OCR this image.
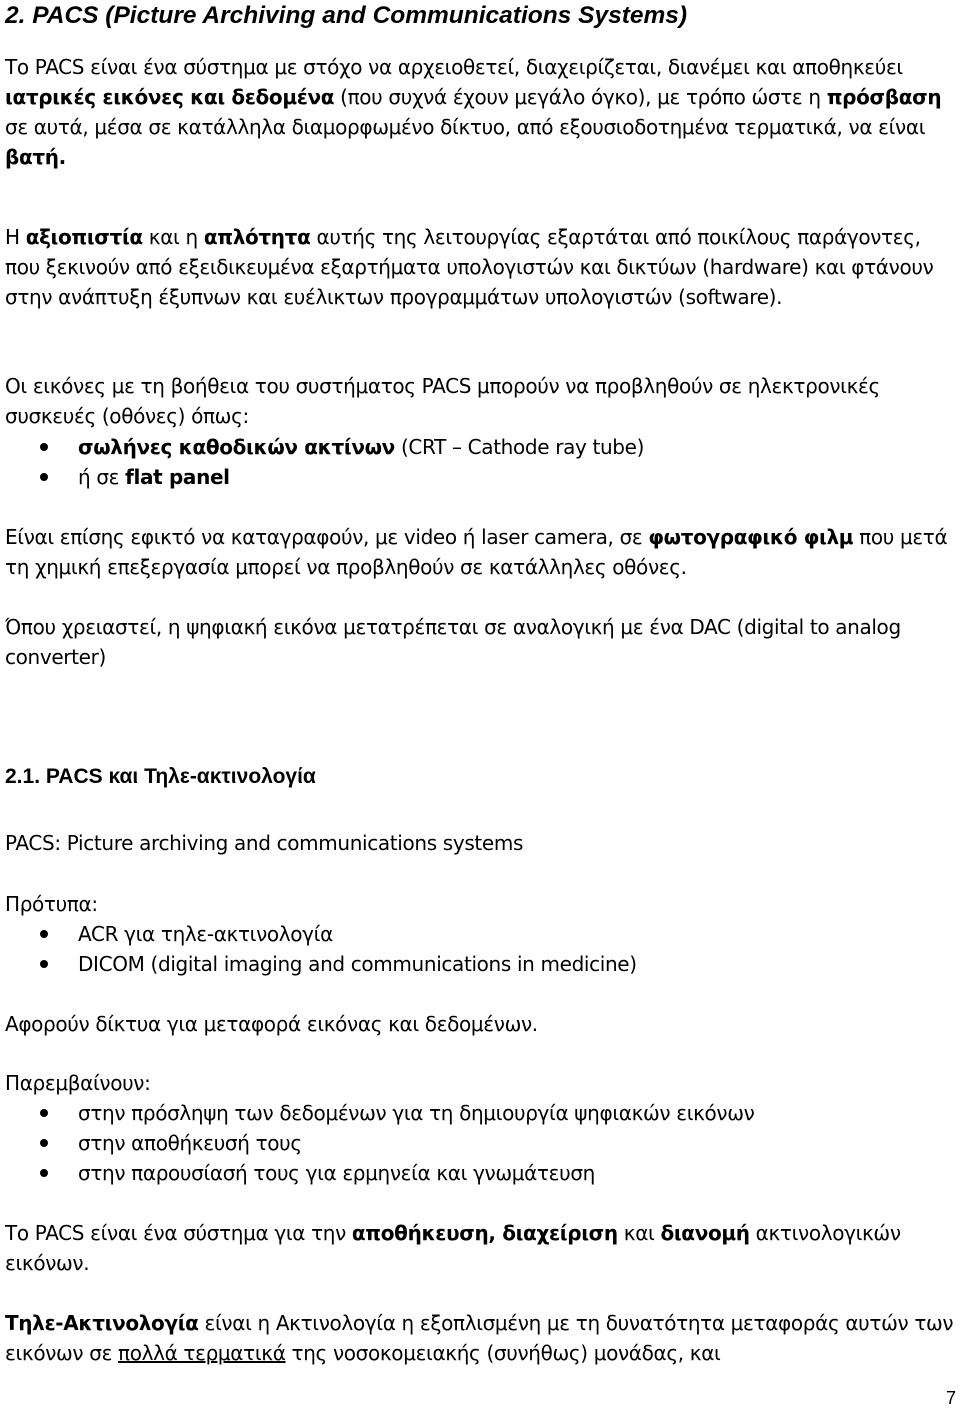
2. PACS (Picture Archiving and Communications Systems)

Το PACS είναι ένα σύστημα με στόχο να αρχειοθετεί, διαχειρίζεται, διανέμει και αποθηκεύει ιατρικές εικόνες και δεδομένα (που συχνά έχουν μεγάλο όγκο), με τρόπο ώστε η πρόσβαση σε αυτά, μέσα σε κατάλληλα διαμορφωμένο δίκτυο, από εξουσιοδοτημένα τερματικά, να είναι βατή.

Η αξιοπιστία και η απλότητα αυτής της λειτουργίας εξαρτάται από ποικίλους παράγοντες, που ξεκινούν από εξειδικευμένα εξαρτήματα υπολογιστών και δικτύων (hardware) και φτάνουν στην ανάπτυξη έξυπνων και ευέλικτων προγραμμάτων υπολογιστών (software).

Οι εικόνες με τη βοήθεια του συστήματος PACS μπορούν να προβληθούν σε ηλεκτρονικές συσκευές (οθόνες) όπως:

σωλήνες καθοδικών ακτίνων (CRT – Cathode ray tube)
ή σε flat panel

Είναι επίσης εφικτό να καταγραφούν, με video ή laser camera, σε φωτογραφικό φιλμ που μετά τη χημική επεξεργασία μπορεί να προβληθούν σε κατάλληλες οθόνες.

Όπου χρειαστεί, η ψηφιακή εικόνα μετατρέπεται σε αναλογική με ένα DAC (digital to analog converter)

2.1. PACS και Τηλε-ακτινολογία

PACS: Picture archiving and communications systems

Πρότυπα:

ACR για τηλε-ακτινολογία
DICOM (digital imaging and communications in medicine)

Αφορούν δίκτυα για μεταφορά εικόνας και δεδομένων.

Παρεμβαίνουν:

στην πρόσληψη των δεδομένων για τη δημιουργία ψηφιακών εικόνων
στην αποθήκευσή τους
στην παρουσίασή τους για ερμηνεία και γνωμάτευση

Το PACS είναι ένα σύστημα για την αποθήκευση, διαχείριση και διανομή ακτινολογικών εικόνων.

Τηλε-Ακτινολογία είναι η Ακτινολογία η εξοπλισμένη με τη δυνατότητα μεταφοράς αυτών των εικόνων σε πολλά τερματικά της νοσοκομειακής (συνήθως) μονάδας, και

7
